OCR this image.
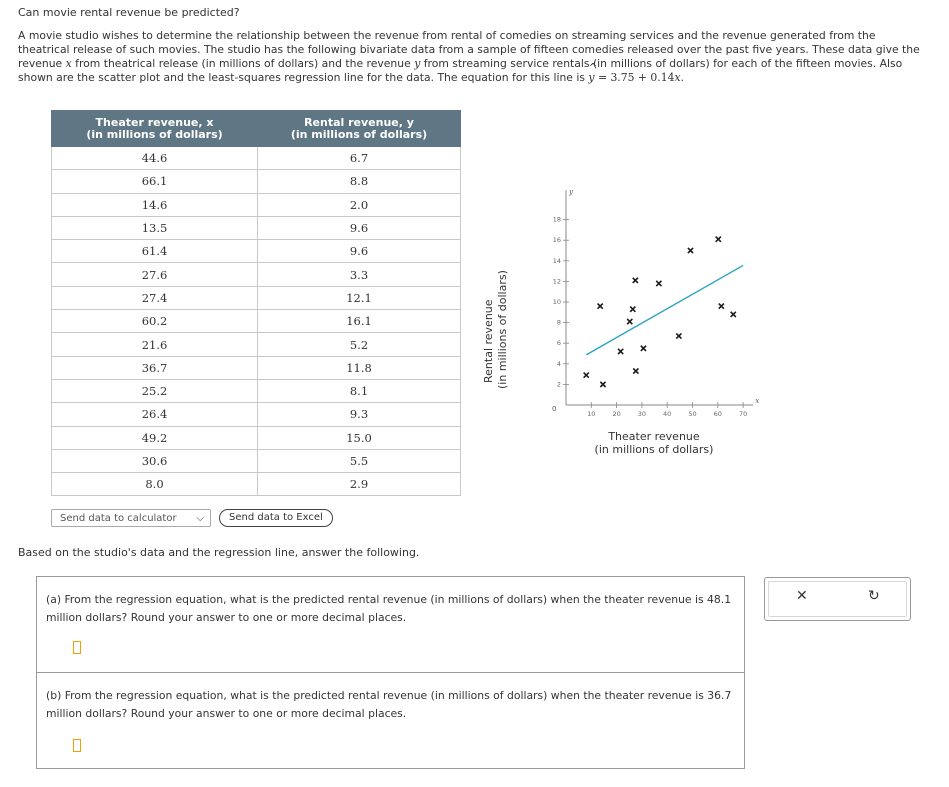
Can movie rental revenue be predicted?
A movie studio wishes to determine the relationship between the revenue from rental of comedies on streaming services and the revenue generated from the theatrical release of such movies. The studio has the following bivariate data from a sample of fifteen comedies released over the past five years. These data give the revenue x from theatrical release (in millions of dollars) and the revenue y from streaming service rentals (in millions of dollars) for each of the fifteen movies. Also shown are the scatter plot and the least-squares regression line for the data. The equation for this line is ^ y = 3.75 + 0.14x.
Theater revenue, x
(in millions of dollars)	Rental revenue, y
(in millions of dollars)
44.6	6.7
66.1	8.8
14.6	2.0
13.5	9.6
61.4	9.6
27.6	3.3
27.4	12.1
60.2	16.1
21.6	5.2
36.7	11.8
25.2	8.1
26.4	9.3
49.2	15.0
30.6	5.5
8.0	2.9
Send data to calculator ⌵	Send data to Excel
Rental revenue (in millions of dollars)
x
y
0
10	20	30	40	50	60	70
2
4
6
8
10
12
14
16
18
Theater revenue
(in millions of dollars)
Based on the studio's data and the regression line, answer the following.
(a) From the regression equation, what is the predicted rental revenue (in millions of dollars) when the theater revenue is 48.1 million dollars? Round your answer to one or more decimal places.
(b) From the regression equation, what is the predicted rental revenue (in millions of dollars) when the theater revenue is 36.7 million dollars? Round your answer to one or more decimal places.
✕	↻
